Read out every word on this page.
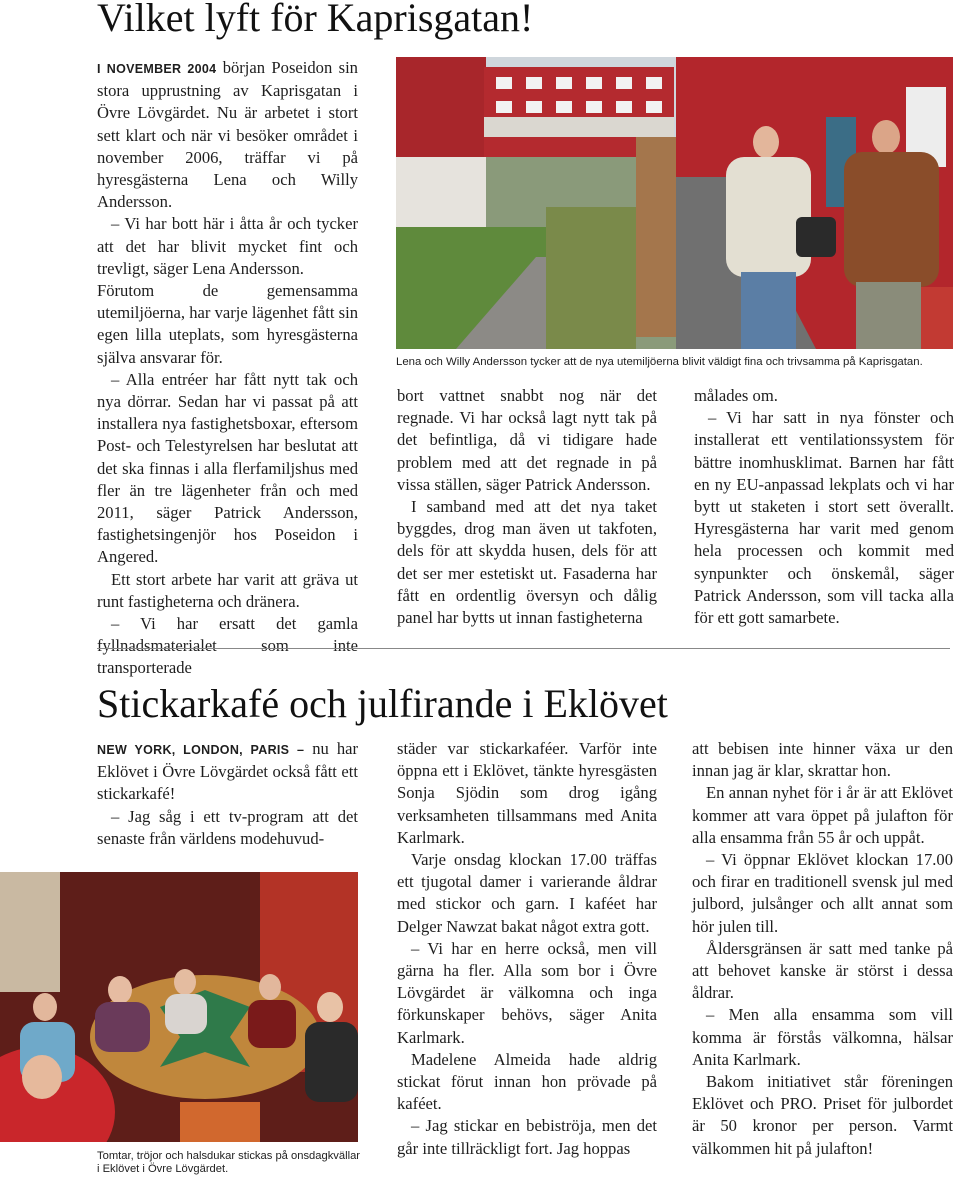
Vilket lyft för Kaprisgatan!

I NOVEMBER 2004 början Poseidon sin stora upprustning av Kaprisgatan i Övre Lövgärdet. Nu är arbetet i stort sett klart och när vi besöker området i november 2006, träffar vi på hyresgästerna Lena och Willy Andersson.

– Vi har bott här i åtta år och tycker att det har blivit mycket fint och trevligt, säger Lena Andersson.

Förutom de gemensamma utemiljöerna, har varje lägenhet fått sin egen lilla uteplats, som hyresgästerna själva ansvarar för.

– Alla entréer har fått nytt tak och nya dörrar. Sedan har vi passat på att installera nya fastighetsboxar, eftersom Post- och Telestyrelsen har beslutat att det ska finnas i alla flerfamiljshus med fler än tre lägenheter från och med 2011, säger Patrick Andersson, fastighetsingenjör hos Poseidon i Angered.

Ett stort arbete har varit att gräva ut runt fastigheterna och dränera.

– Vi har ersatt det gamla fyllnadsmaterialet som inte transporterade

Lena och Willy Andersson tycker att de nya utemiljöerna blivit väldigt fina och trivsamma på Kaprisgatan.

bort vattnet snabbt nog när det regnade. Vi har också lagt nytt tak på det befintliga, då vi tidigare hade problem med att det regnade in på vissa ställen, säger Patrick Andersson.

I samband med att det nya taket byggdes, drog man även ut takfoten, dels för att skydda husen, dels för att det ser mer estetiskt ut. Fasaderna har fått en ordentlig översyn och dålig panel har bytts ut innan fastigheterna

målades om.

– Vi har satt in nya fönster och installerat ett ventilationssystem för bättre inomhusklimat. Barnen har fått en ny EU-anpassad lekplats och vi har bytt ut staketen i stort sett överallt. Hyresgästerna har varit med genom hela processen och kommit med synpunkter och önskemål, säger Patrick Andersson, som vill tacka alla för ett gott samarbete.

Stickarkafé och julfirande i Eklövet

NEW YORK, LONDON, PARIS – nu har Eklövet i Övre Lövgärdet också fått ett stickarkafé!

– Jag såg i ett tv-program att det senaste från världens modehuvud-

Tomtar, tröjor och halsdukar stickas på onsdagkvällar i Eklövet i Övre Lövgärdet.

städer var stickarkaféer. Varför inte öppna ett i Eklövet, tänkte hyresgästen Sonja Sjödin som drog igång verksamheten tillsammans med Anita Karlmark.

Varje onsdag klockan 17.00 träffas ett tjugotal damer i varierande åldrar med stickor och garn. I kaféet har Delger Nawzat bakat något extra gott.

– Vi har en herre också, men vill gärna ha fler. Alla som bor i Övre Lövgärdet är välkomna och inga förkunskaper behövs, säger Anita Karlmark.

Madelene Almeida hade aldrig stickat förut innan hon prövade på kaféet.

– Jag stickar en bebiströja, men det går inte tillräckligt fort. Jag hoppas

att bebisen inte hinner växa ur den innan jag är klar, skrattar hon.

En annan nyhet för i år är att Eklövet kommer att vara öppet på julafton för alla ensamma från 55 år och uppåt.

– Vi öppnar Eklövet klockan 17.00 och firar en traditionell svensk jul med julbord, julsånger och allt annat som hör julen till.

Åldersgränsen är satt med tanke på att behovet kanske är störst i dessa åldrar.

– Men alla ensamma som vill komma är förstås välkomna, hälsar Anita Karlmark.

Bakom initiativet står föreningen Eklövet och PRO. Priset för julbordet är 50 kronor per person. Varmt välkommen hit på julafton!
